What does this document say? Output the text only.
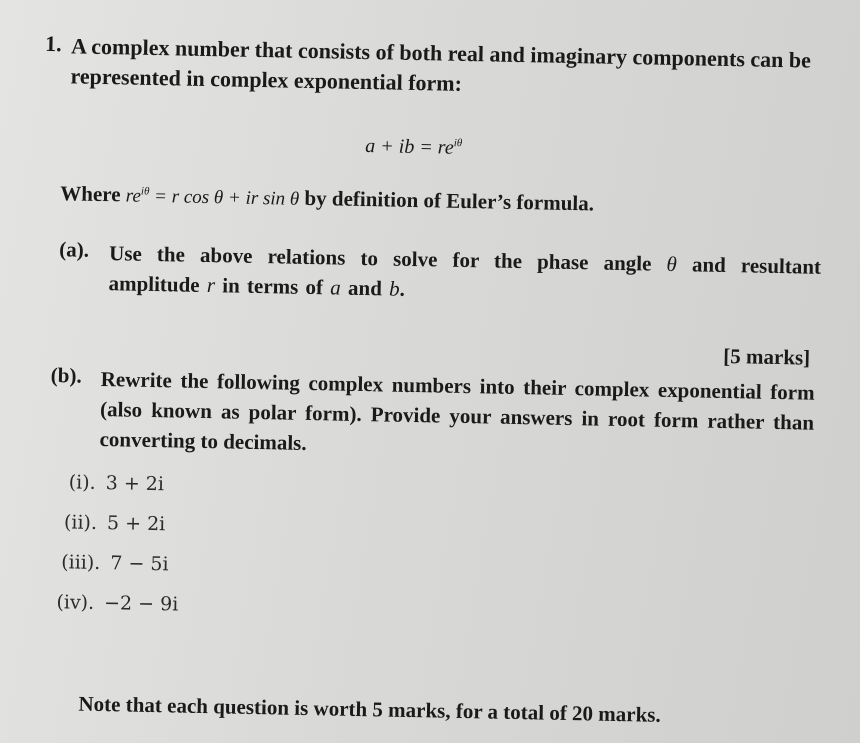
1. A complex number that consists of both real and imaginary components can be represented in complex exponential form:
a + ib = $re^{i\theta}$
Where $re^{i\theta} = r$ cos θ + ir sin θ by definition of Euler’s formula.
(a). Use the above relations to solve for the phase angle θ and resultant amplitude r in terms of a and b.
[5 marks]
(b). Rewrite the following complex numbers into their complex exponential form (also known as polar form). Provide your answers in root form rather than converting to decimals.
(i). 3 + 2i
(ii). 5 + 2i
(iii). 7 − 5i
(iv). −2 − 9i
Note that each question is worth 5 marks, for a total of 20 marks.
